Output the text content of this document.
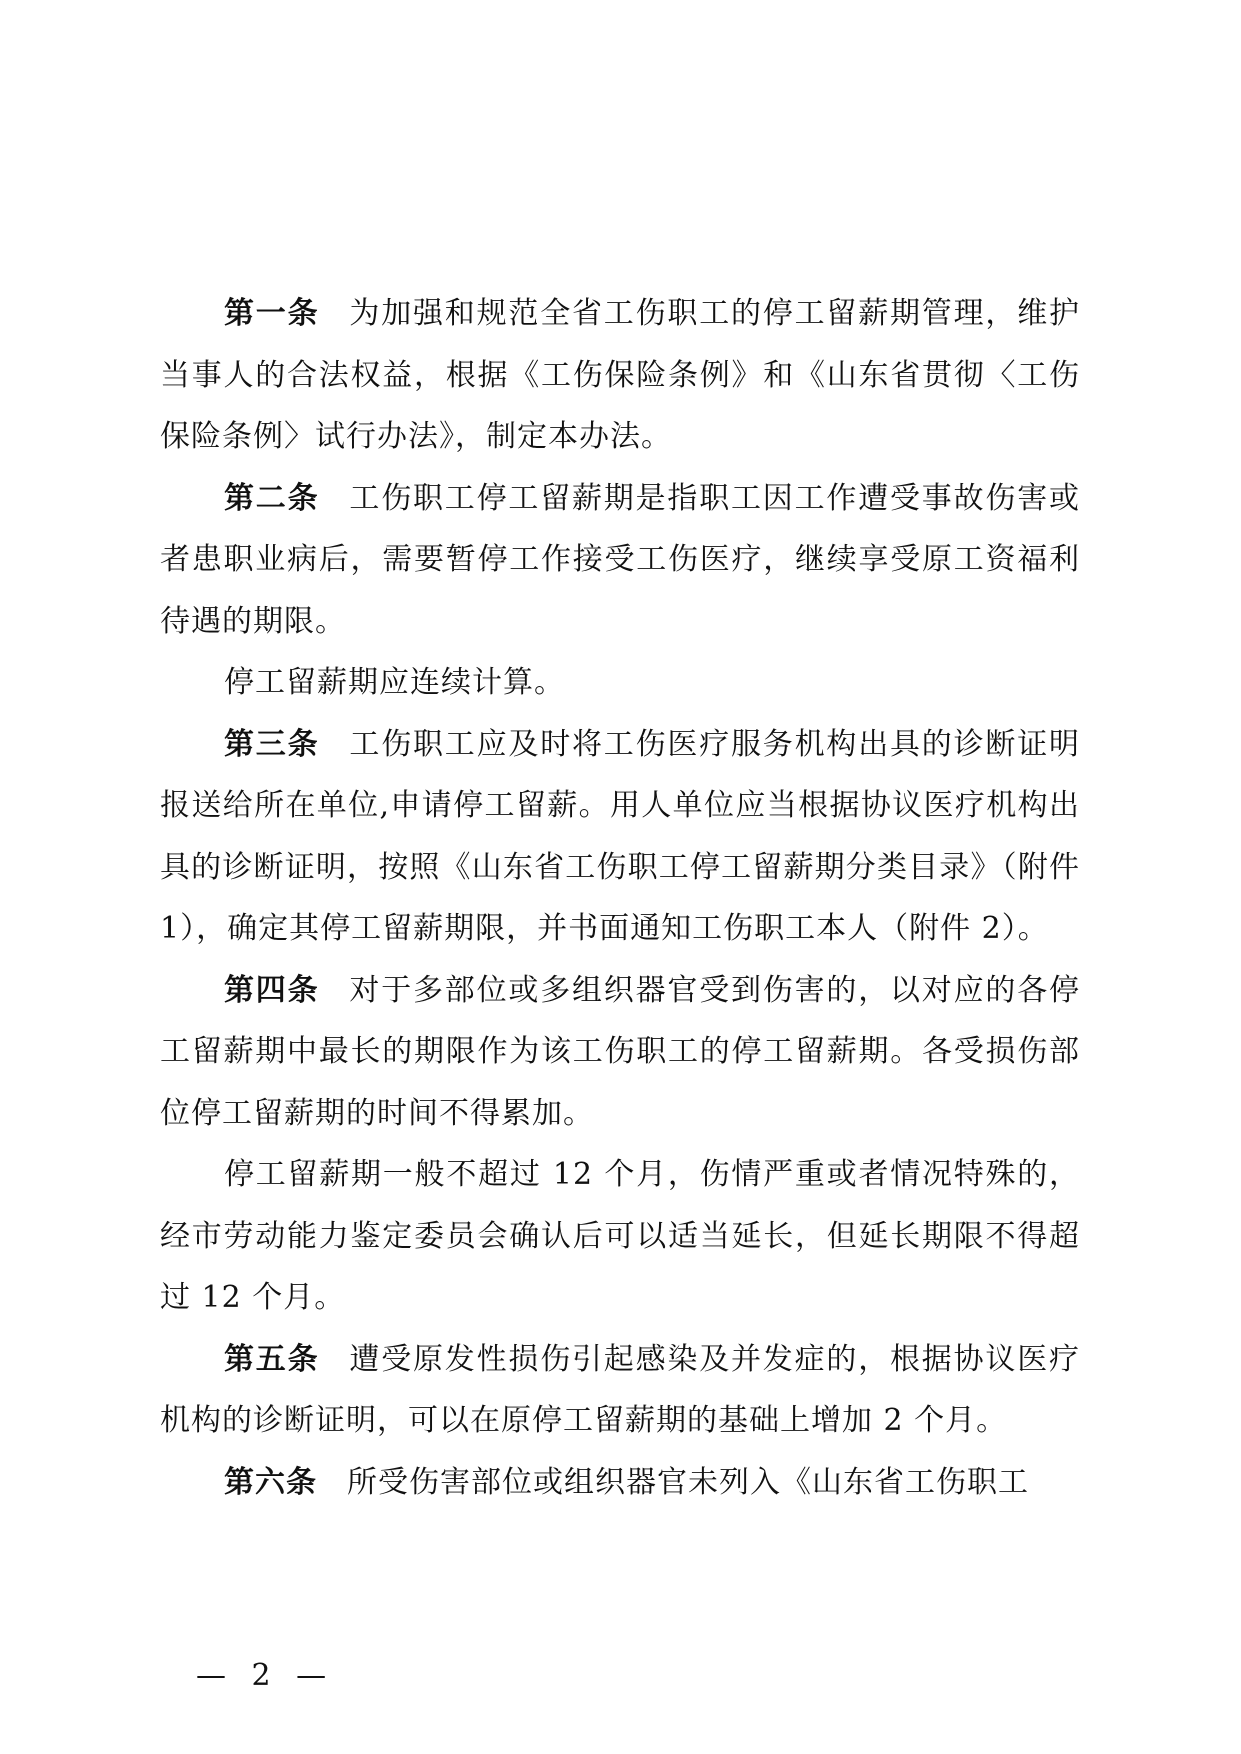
第一条 为加强和规范全省工伤职工的停工留薪期管理，维护当事人的合法权益，根据《工伤保险条例》和《山东省贯彻〈工伤保险条例〉试行办法》，制定本办法。

第二条 工伤职工停工留薪期是指职工因工作遭受事故伤害或者患职业病后，需要暂停工作接受工伤医疗，继续享受原工资福利待遇的期限。

停工留薪期应连续计算。

第三条 工伤职工应及时将工伤医疗服务机构出具的诊断证明报送给所在单位,申请停工留薪。用人单位应当根据协议医疗机构出具的诊断证明，按照《山东省工伤职工停工留薪期分类目录》（附件 1），确定其停工留薪期限，并书面通知工伤职工本人（附件 2）。

第四条 对于多部位或多组织器官受到伤害的，以对应的各停工留薪期中最长的期限作为该工伤职工的停工留薪期。各受损伤部位停工留薪期的时间不得累加。

停工留薪期一般不超过 12 个月，伤情严重或者情况特殊的，经市劳动能力鉴定委员会确认后可以适当延长，但延长期限不得超过 12 个月。

第五条 遭受原发性损伤引起感染及并发症的，根据协议医疗机构的诊断证明，可以在原停工留薪期的基础上增加 2 个月。

第六条 所受伤害部位或组织器官未列入《山东省工伤职工

— 2 —
